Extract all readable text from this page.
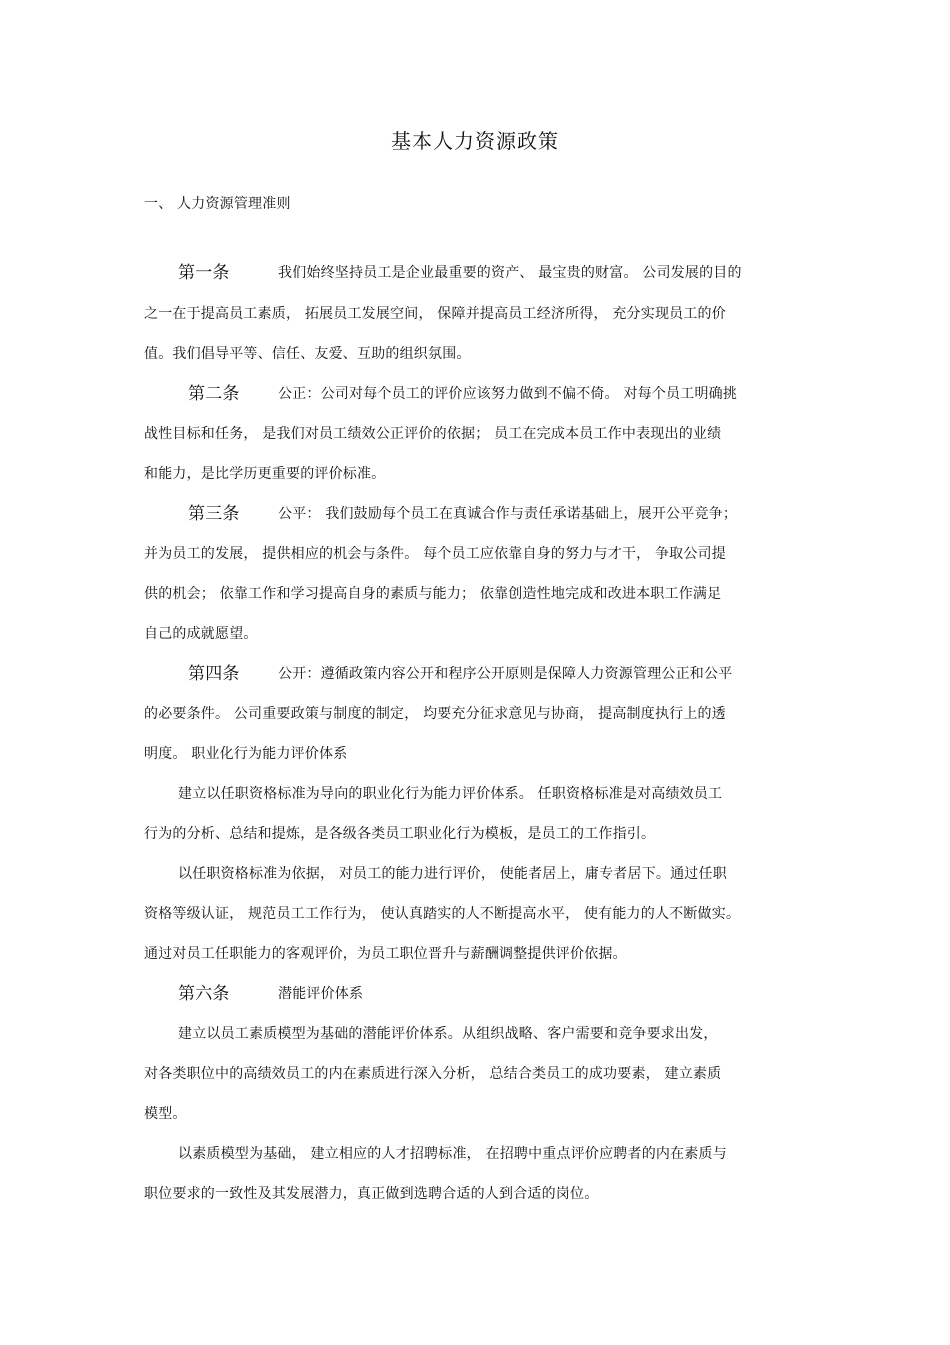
基本人力资源政策
一、 人力资源管理准则
第一条	我们始终坚持员工是企业最重要的资产、 最宝贵的财富。 公司发展的目的
之一在于提高员工素质， 拓展员工发展空间， 保障并提高员工经济所得， 充分实现员工的价
值。我们倡导平等、信任、友爱、互助的组织氛围。
第二条	公正：公司对每个员工的评价应该努力做到不偏不倚。 对每个员工明确挑
战性目标和任务， 是我们对员工绩效公正评价的依据； 员工在完成本员工作中表现出的业绩
和能力，是比学历更重要的评价标准。
第三条	公平： 我们鼓励每个员工在真诚合作与责任承诺基础上，展开公平竞争；
并为员工的发展， 提供相应的机会与条件。 每个员工应依靠自身的努力与才干， 争取公司提
供的机会； 依靠工作和学习提高自身的素质与能力； 依靠创造性地完成和改进本职工作满足
自己的成就愿望。
第四条	公开：遵循政策内容公开和程序公开原则是保障人力资源管理公正和公平
的必要条件。 公司重要政策与制度的制定， 均要充分征求意见与协商， 提高制度执行上的透
明度。 职业化行为能力评价体系
建立以任职资格标准为导向的职业化行为能力评价体系。 任职资格标准是对高绩效员工
行为的分析、总结和提炼，是各级各类员工职业化行为模板，是员工的工作指引。
以任职资格标准为依据， 对员工的能力进行评价， 使能者居上，庸专者居下。通过任职
资格等级认证， 规范员工工作行为， 使认真踏实的人不断提高水平， 使有能力的人不断做实。
通过对员工任职能力的客观评价，为员工职位晋升与薪酬调整提供评价依据。
第六条	潜能评价体系
建立以员工素质模型为基础的潜能评价体系。从组织战略、客户需要和竞争要求出发，
对各类职位中的高绩效员工的内在素质进行深入分析， 总结合类员工的成功要素， 建立素质
模型。
以素质模型为基础， 建立相应的人才招聘标准， 在招聘中重点评价应聘者的内在素质与
职位要求的一致性及其发展潜力，真正做到选聘合适的人到合适的岗位。
